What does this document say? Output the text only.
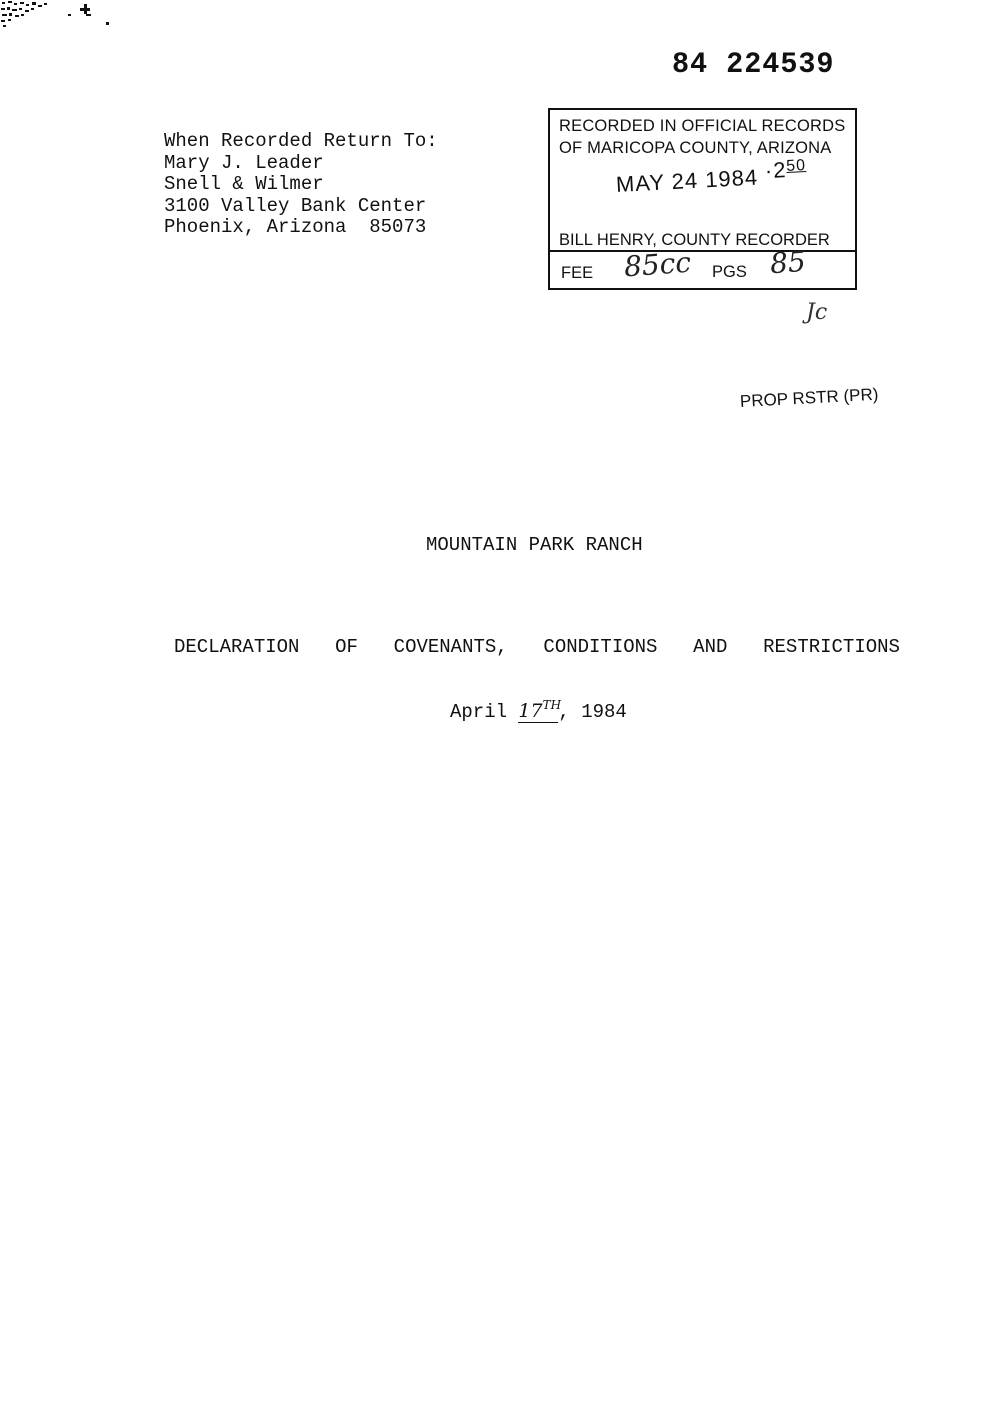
84 224539
When Recorded Return To:
Mary J. Leader
Snell & Wilmer
3100 Valley Bank Center
Phoenix, Arizona  85073
RECORDED IN OFFICIAL RECORDS
OF MARICOPA COUNTY, ARIZONA
MAY 24 $1984 \cdot 2^{50}$
BILL HENRY, COUNTY RECORDER
FEE 85cc PGS 85
Jc
PROP RSTR (PR)
MOUNTAIN PARK RANCH
DECLARATION OF COVENANTS, CONDITIONS AND RESTRICTIONS
April 17TH, 1984
